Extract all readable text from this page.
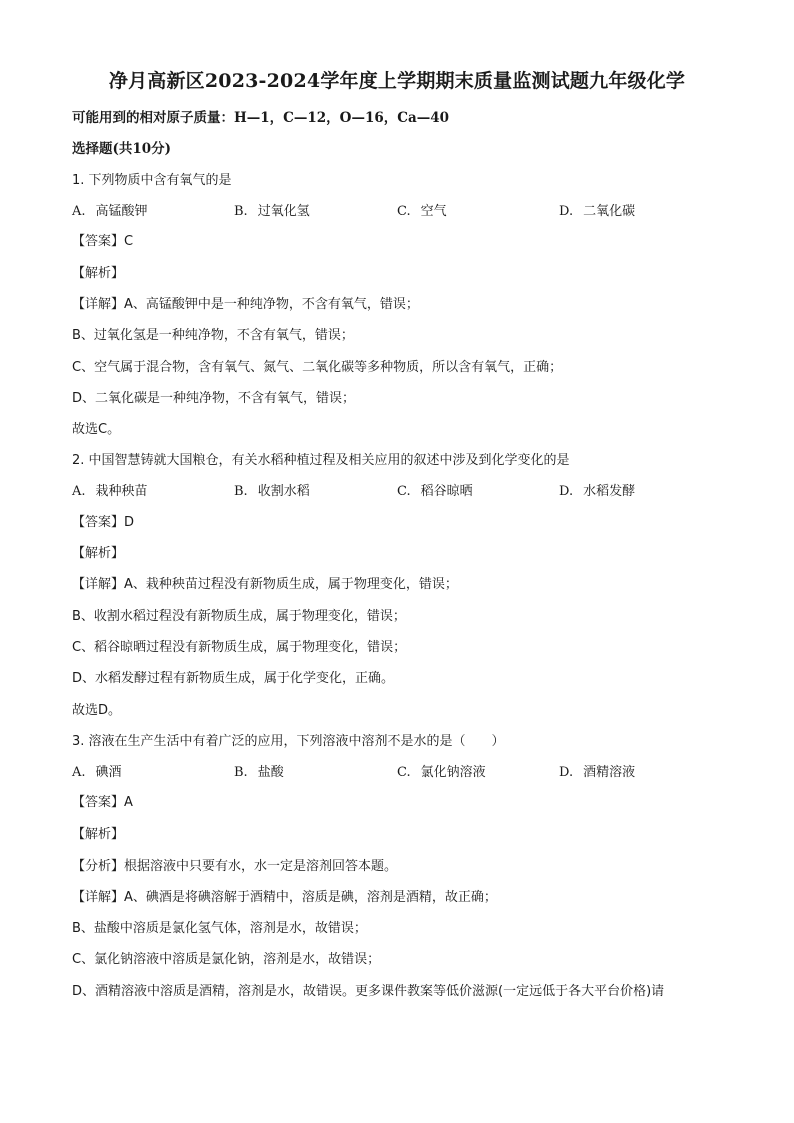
净月高新区2023-2024学年度上学期期末质量监测试题九年级化学
可能用到的相对原子质量：H—1，C—12，O—16，Ca—40
选择题(共10分)
1. 下列物质中含有氧气的是
A. 高锰酸钾	B. 过氧化氢	C. 空气	D. 二氧化碳
【答案】C
【解析】
【详解】A、高锰酸钾中是一种纯净物，不含有氧气，错误；
B、过氧化氢是一种纯净物，不含有氧气，错误；
C、空气属于混合物，含有氧气、氮气、二氧化碳等多种物质，所以含有氧气，正确；
D、二氧化碳是一种纯净物，不含有氧气，错误；
故选C。
2. 中国智慧铸就大国粮仓，有关水稻种植过程及相关应用的叙述中涉及到化学变化的是
A. 栽种秧苗	B. 收割水稻	C. 稻谷晾晒	D. 水稻发酵
【答案】D
【解析】
【详解】A、栽种秧苗过程没有新物质生成，属于物理变化，错误；
B、收割水稻过程没有新物质生成，属于物理变化，错误；
C、稻谷晾晒过程没有新物质生成，属于物理变化，错误；
D、水稻发酵过程有新物质生成，属于化学变化，正确。
故选D。
3. 溶液在生产生活中有着广泛的应用，下列溶液中溶剂不是水的是（　　）
A. 碘酒	B. 盐酸	C. 氯化钠溶液	D. 酒精溶液
【答案】A
【解析】
【分析】根据溶液中只要有水，水一定是溶剂回答本题。
【详解】A、碘酒是将碘溶解于酒精中，溶质是碘，溶剂是酒精，故正确；
B、盐酸中溶质是氯化氢气体，溶剂是水，故错误；
C、氯化钠溶液中溶质是氯化钠，溶剂是水，故错误；
D、酒精溶液中溶质是酒精，溶剂是水，故错误。更多课件教案等低价滋源(一定远低于各大平台价格)请
